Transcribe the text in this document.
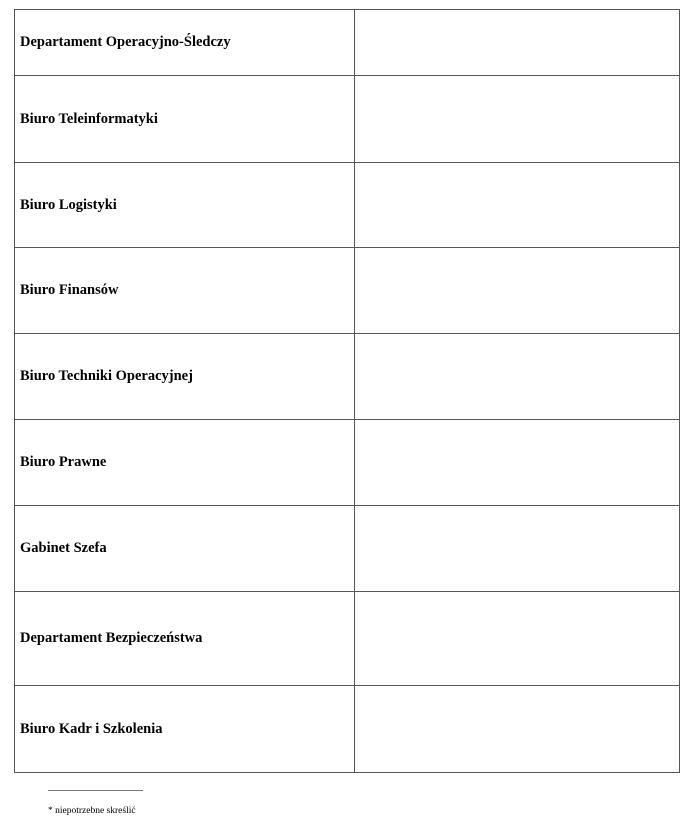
Departament Operacyjno-Śledczy	
Biuro Teleinformatyki	
Biuro Logistyki	
Biuro Finansów	
Biuro Techniki Operacyjnej	
Biuro Prawne	
Gabinet Szefa	
Departament Bezpieczeństwa	
Biuro Kadr i Szkolenia	
* niepotrzebne skreślić
